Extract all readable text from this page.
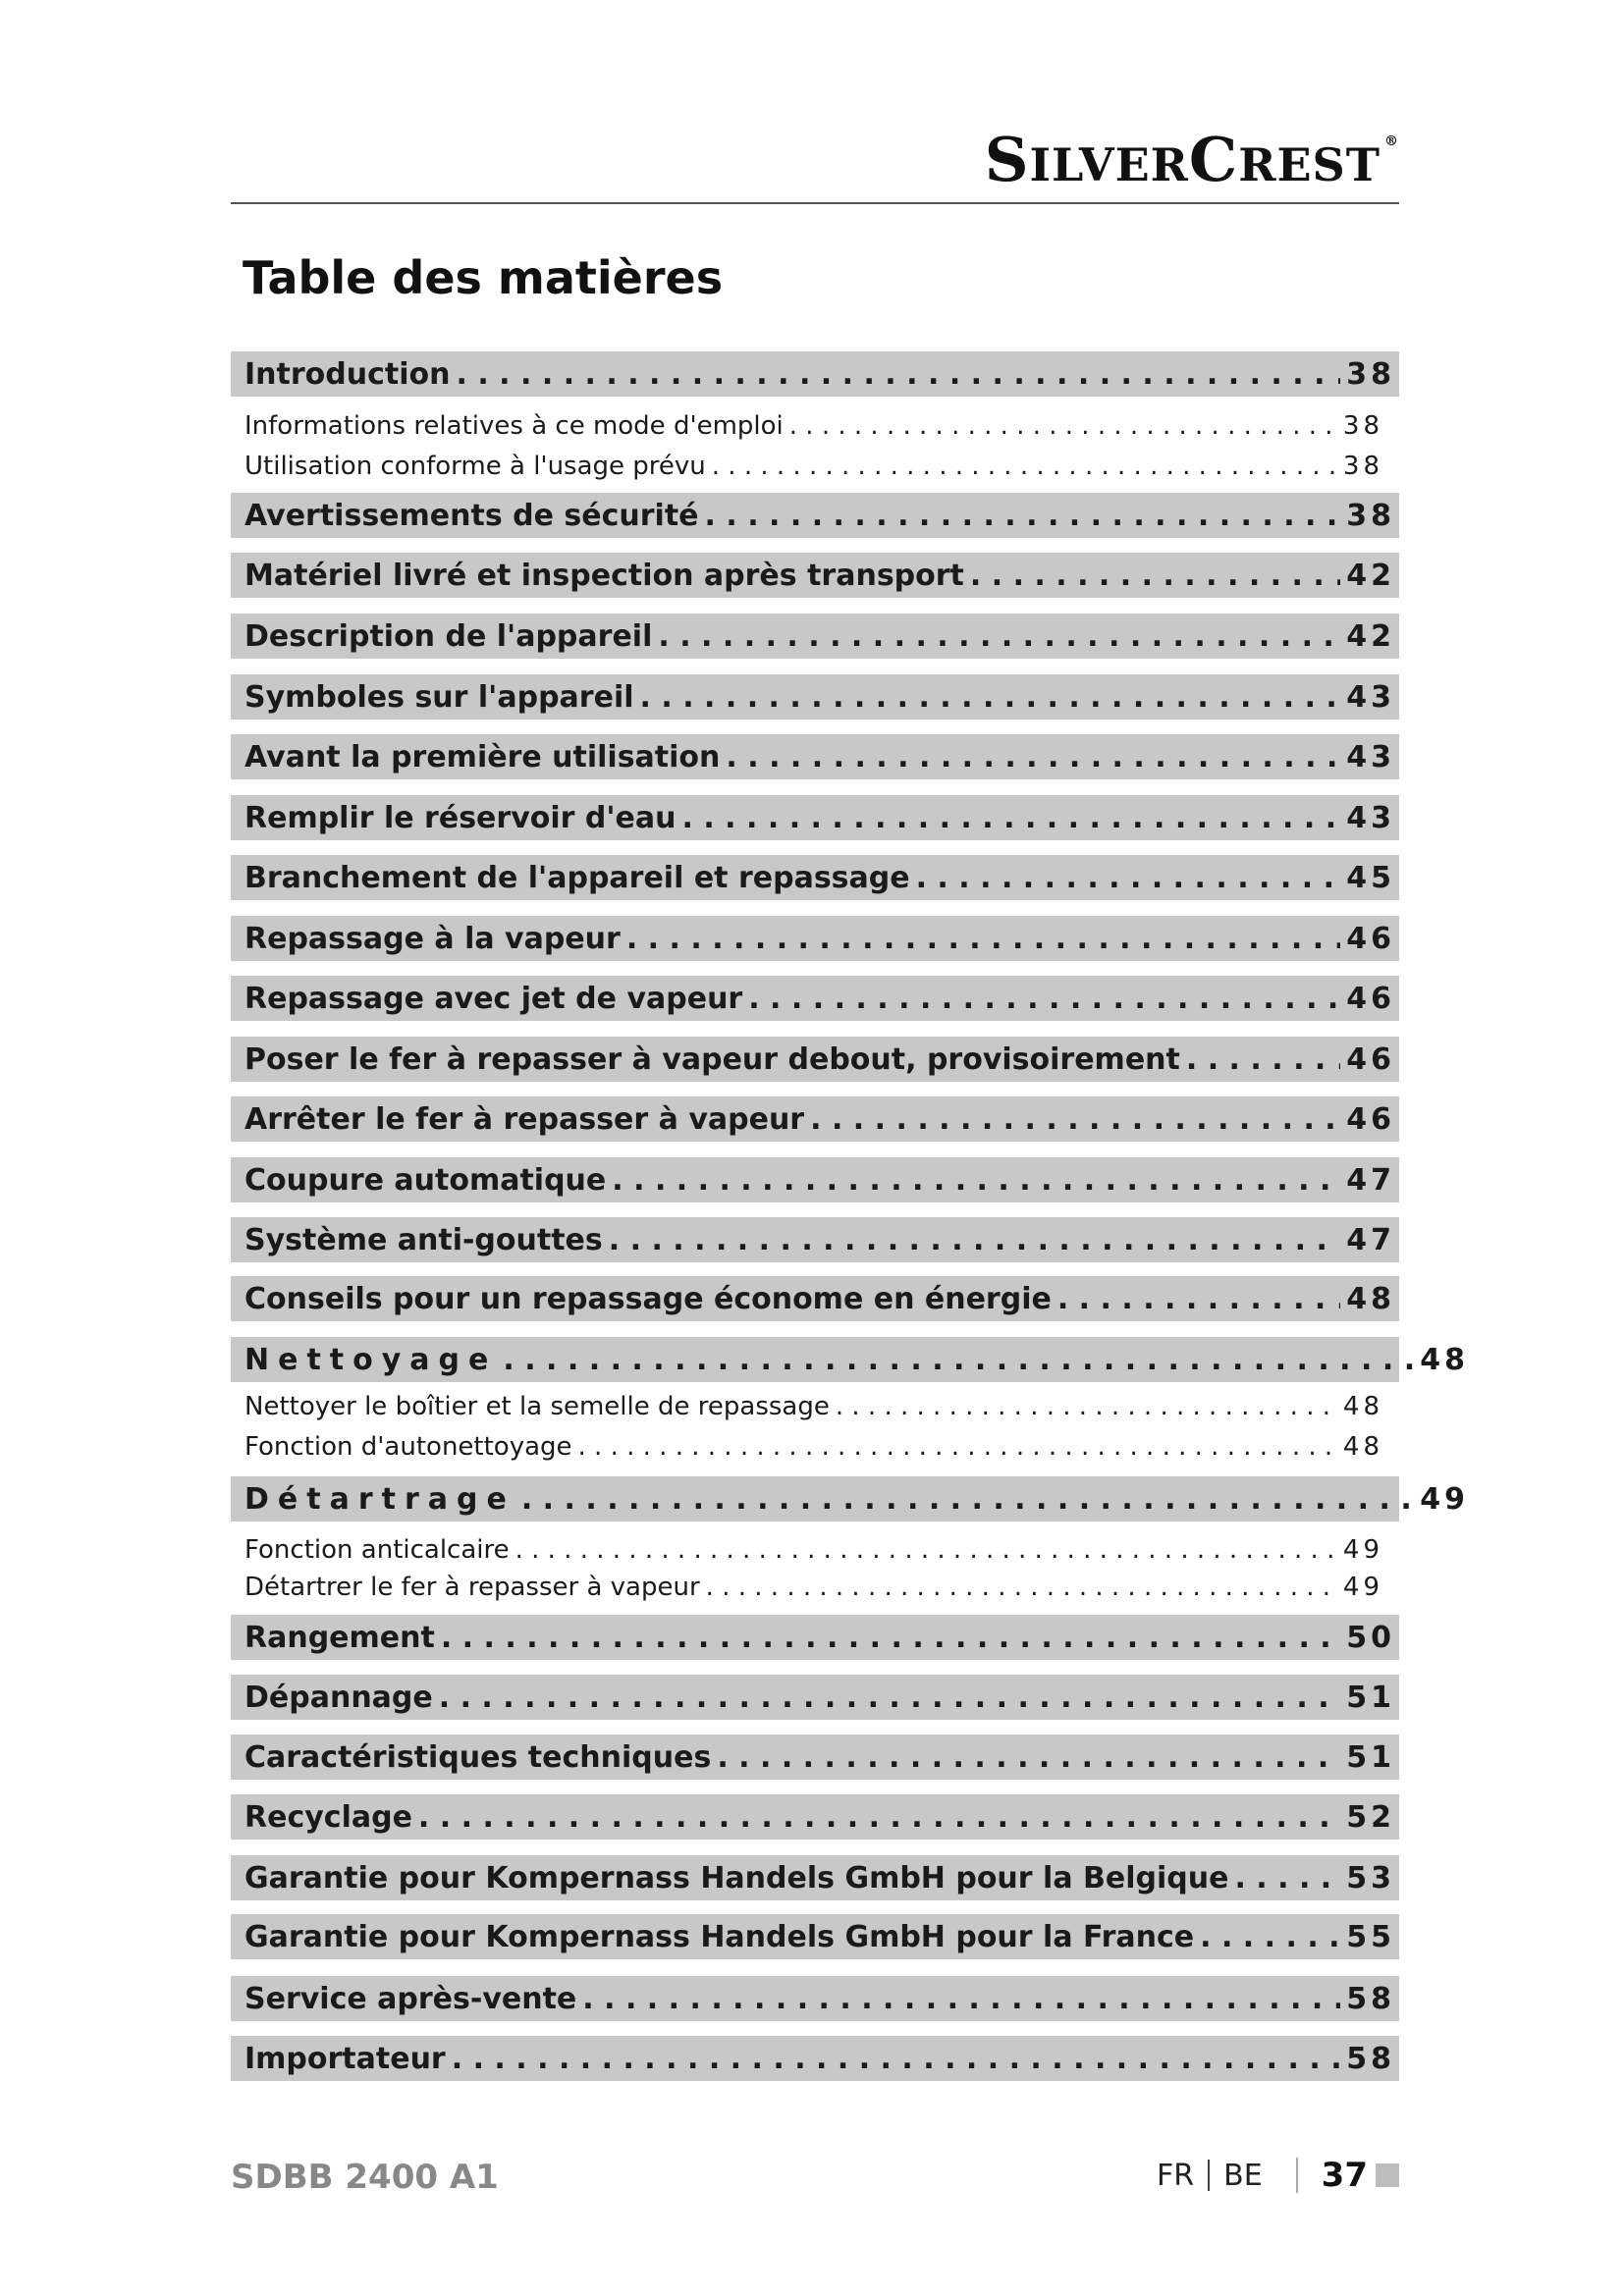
SILVERCREST ®
Table des matières
Introduction . . .	38
Informations relatives à ce mode d'emploi . . .	38
Utilisation conforme à l'usage prévu . . .	38
Avertissements de sécurité . . .	38
Matériel livré et inspection après transport . . .	42
Description de l'appareil . . .	42
Symboles sur l'appareil . . .	43
Avant la première utilisation . . .	43
Remplir le réservoir d'eau . . .	43
Branchement de l'appareil et repassage . . .	45
Repassage à la vapeur . . .	46
Repassage avec jet de vapeur . . .	46
Poser le fer à repasser à vapeur debout, provisoirement . . .	46
Arrêter le fer à repasser à vapeur . . .	46
Coupure automatique . . .	47
Système anti-gouttes . . .	47
Conseils pour un repassage économe en énergie . . .	48
Nettoyage . . .	48
Nettoyer le boîtier et la semelle de repassage . . .	48
Fonction d'autonettoyage . . .	48
Détartrage . . .	49
Fonction anticalcaire . . .	49
Détartrer le fer à repasser à vapeur . . .	49
Rangement . . .	50
Dépannage . . .	51
Caractéristiques techniques . . .	51
Recyclage . . .	52
Garantie pour Kompernass Handels GmbH pour la Belgique . . .	53
Garantie pour Kompernass Handels GmbH pour la France . . .	55
Service après-vente . . .	58
Importateur . . .	58
SDBB 2400 A1	FR BE 37
